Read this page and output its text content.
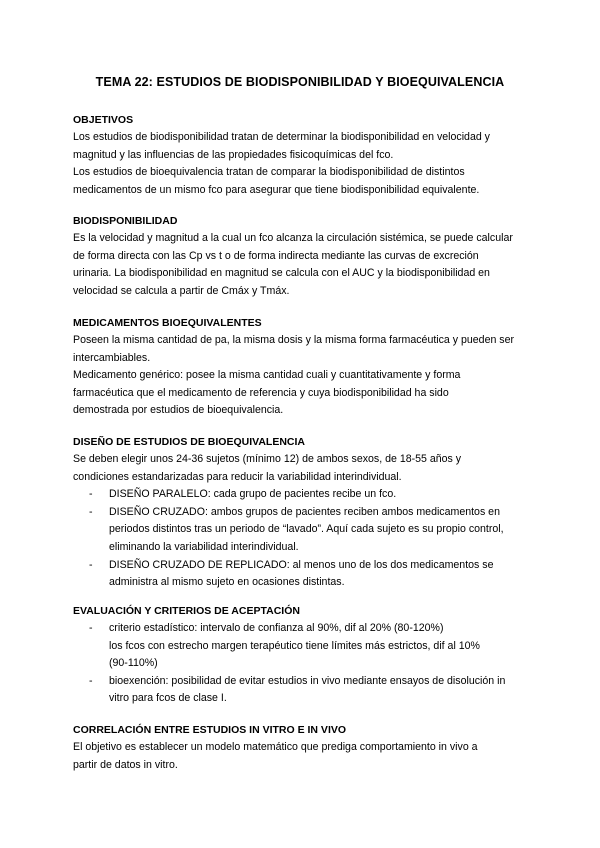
TEMA 22: ESTUDIOS DE BIODISPONIBILIDAD Y BIOEQUIVALENCIA
OBJETIVOS
Los estudios de biodisponibilidad tratan de determinar la biodisponibilidad en velocidad y
magnitud y las influencias de las propiedades fisicoquímicas del fco.
Los estudios de bioequivalencia tratan de comparar la biodisponibilidad de distintos
medicamentos de un mismo fco para asegurar que tiene biodisponibilidad equivalente.
BIODISPONIBILIDAD
Es la velocidad y magnitud a la cual un fco alcanza la circulación sistémica, se puede calcular
de forma directa con las Cp vs t o de forma indirecta mediante las curvas de excreción
urinaria. La biodisponibilidad en magnitud se calcula con el AUC y la biodisponibilidad en
velocidad se calcula a partir de Cmáx y Tmáx.
MEDICAMENTOS BIOEQUIVALENTES
Poseen la misma cantidad de pa, la misma dosis y la misma forma farmacéutica y pueden ser
intercambiables.
Medicamento genérico: posee la misma cantidad cuali y cuantitativamente y forma
farmacéutica que el medicamento de referencia y cuya biodisponibilidad ha sido
demostrada por estudios de bioequivalencia.
DISEÑO DE ESTUDIOS DE BIOEQUIVALENCIA
Se deben elegir unos 24-36 sujetos (mínimo 12) de ambos sexos, de 18-55 años y
condiciones estandarizadas para reducir la variabilidad interindividual.
- DISEÑO PARALELO: cada grupo de pacientes recibe un fco.
- DISEÑO CRUZADO: ambos grupos de pacientes reciben ambos medicamentos en
periodos distintos tras un periodo de “lavado”. Aquí cada sujeto es su propio control,
eliminando la variabilidad interindividual.
- DISEÑO CRUZADO DE REPLICADO: al menos uno de los dos medicamentos se
administra al mismo sujeto en ocasiones distintas.
EVALUACIÓN Y CRITERIOS DE ACEPTACIÓN
- criterio estadístico: intervalo de confianza al 90%, dif al 20% (80-120%)
los fcos con estrecho margen terapéutico tiene límites más estrictos, dif al 10%
(90-110%)
- bioexención: posibilidad de evitar estudios in vivo mediante ensayos de disolución in
vitro para fcos de clase I.
CORRELACIÓN ENTRE ESTUDIOS IN VITRO E IN VIVO
El objetivo es establecer un modelo matemático que prediga comportamiento in vivo a
partir de datos in vitro.
